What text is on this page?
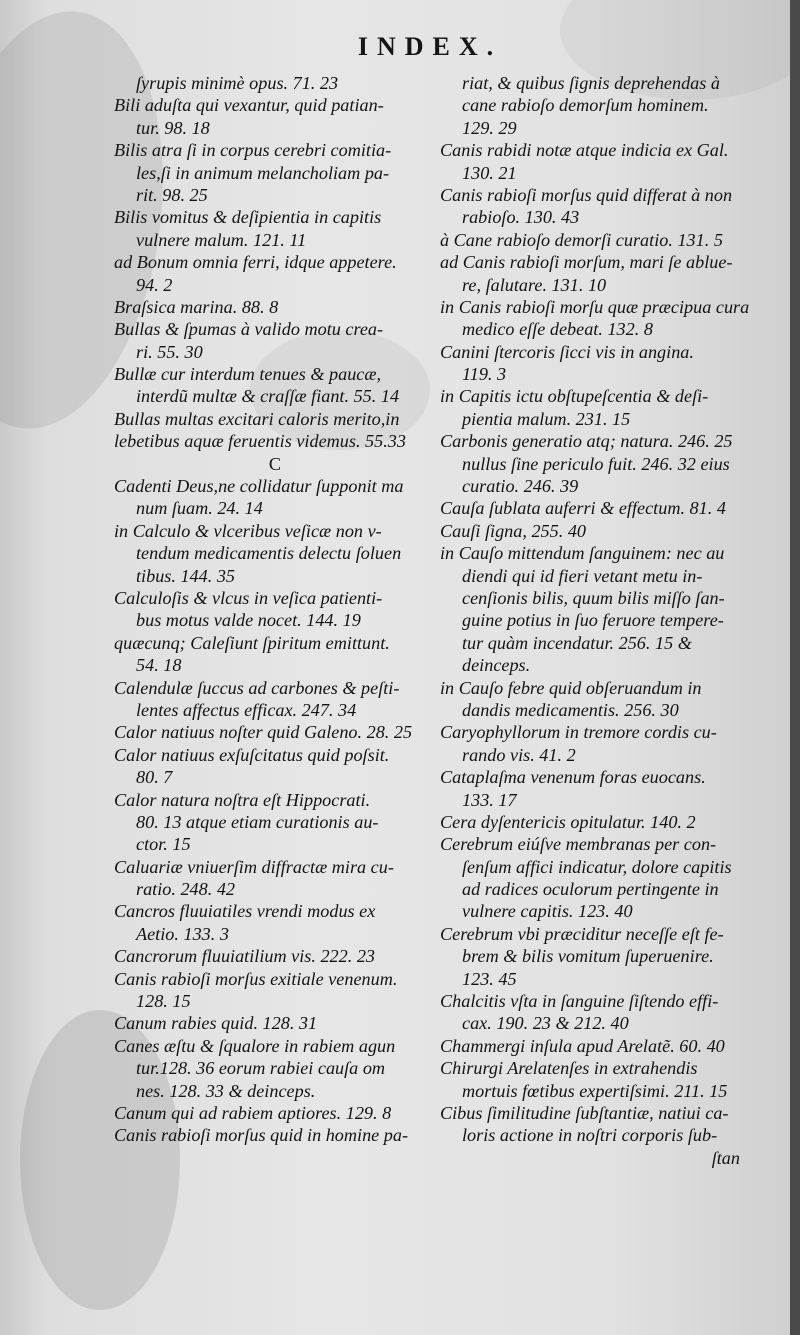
INDEX.
ſyrupis minimè opus. 71. 23
Bili aduſta qui vexantur, quid patian-
tur. 98. 18
Bilis atra ſi in corpus cerebri comitia-
les,ſi in animum melancholiam pa-
rit. 98. 25
Bilis vomitus & deſipientia in capitis
vulnere malum. 121. 11
ad Bonum omnia ferri, idque appetere.
94. 2
Braſsica marina. 88. 8
Bullas & ſpumas à valido motu crea-
ri. 55. 30
Bullæ cur interdum tenues & paucæ,
interdũ multæ & craſſæ fiant. 55. 14
Bullas multas excitari caloris merito,in
lebetibus aquæ feruentis videmus. 55.33
C
Cadenti Deus,ne collidatur ſupponit ma
num ſuam. 24. 14
in Calculo & vlceribus veſicæ non v-
tendum medicamentis delectu ſoluen
tibus. 144. 35
Calculoſis & vlcus in veſica patienti-
bus motus valde nocet. 144. 19
quæcunq; Caleſiunt ſpiritum emittunt.
54. 18
Calendulæ ſuccus ad carbones & peſti-
lentes affectus efficax. 247. 34
Calor natiuus noſter quid Galeno. 28. 25
Calor natiuus exſuſcitatus quid poſsit.
80. 7
Calor natura noſtra eſt Hippocrati.
80. 13 atque etiam curationis au-
ctor. 15
Caluariæ vniuerſim diffractæ mira cu-
ratio. 248. 42
Cancros fluuiatiles vrendi modus ex
Aetio. 133. 3
Cancrorum fluuiatilium vis. 222. 23
Canis rabioſi morſus exitiale venenum.
128. 15
Canum rabies quid. 128. 31
Canes æſtu & ſqualore in rabiem agun
tur.128. 36 eorum rabiei cauſa om
nes. 128. 33 & deinceps.
Canum qui ad rabiem aptiores. 129. 8
Canis rabioſi morſus quid in homine pa-
riat, & quibus ſignis deprehendas à
cane rabioſo demorſum hominem.
129. 29
Canis rabidi notæ atque indicia ex Gal.
130. 21
Canis rabioſi morſus quid differat à non
rabioſo. 130. 43
à Cane rabioſo demorſi curatio. 131. 5
ad Canis rabioſi morſum, mari ſe ablue-
re, ſalutare. 131. 10
in Canis rabioſi morſu quæ præcipua cura
medico eſſe debeat. 132. 8
Canini ſtercoris ſicci vis in angina.
119. 3
in Capitis ictu obſtupeſcentia & deſi-
pientia malum. 231. 15
Carbonis generatio atq; natura. 246. 25
nullus ſine periculo fuit. 246. 32 eius
curatio. 246. 39
Cauſa ſublata auferri & effectum. 81. 4
Cauſi ſigna, 255. 40
in Cauſo mittendum ſanguinem: nec au
diendi qui id fieri vetant metu in-
cenſionis bilis, quum bilis miſſo ſan-
guine potius in ſuo feruore tempere-
tur quàm incendatur. 256. 15 &
deinceps.
in Cauſo febre quid obſeruandum in
dandis medicamentis. 256. 30
Caryophyllorum in tremore cordis cu-
rando vis. 41. 2
Cataplaſma venenum foras euocans.
133. 17
Cera dyſentericis opitulatur. 140. 2
Cerebrum eiúſve membranas per con-
ſenſum affici indicatur, dolore capitis
ad radices oculorum pertingente in
vulnere capitis. 123. 40
Cerebrum vbi præciditur neceſſe eſt fe-
brem & bilis vomitum ſuperuenire.
123. 45
Chalcitis vſta in ſanguine ſiſtendo effi-
cax. 190. 23 & 212. 40
Chammergi inſula apud Arelatẽ. 60. 40
Chirurgi Arelatenſes in extrahendis
mortuis fœtibus expertiſsimi. 211. 15
Cibus ſimilitudine ſubſtantiæ, natiui ca-
loris actione in noſtri corporis ſub-
ſtan
